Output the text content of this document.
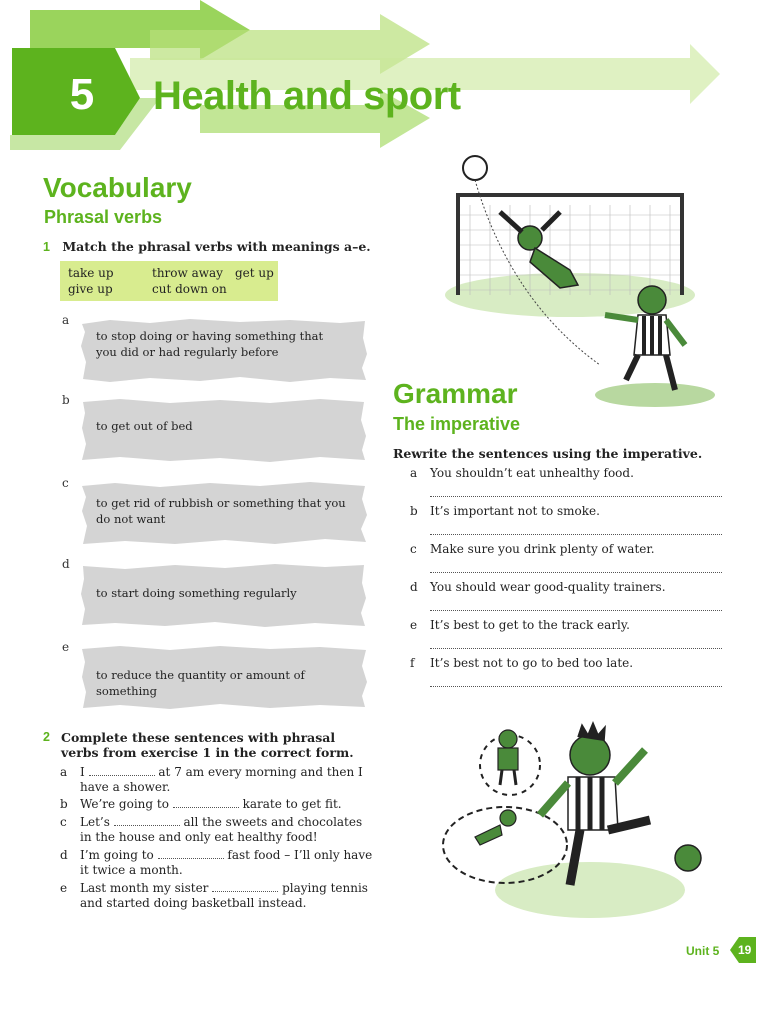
5	Health and sport
Vocabulary
Phrasal verbs
1 Match the phrasal verbs with meanings a–e.
take up	throw away get up
give up	cut down on
a
to stop doing or having something that you did or had regularly before
b
to get out of bed
c
to get rid of rubbish or something that you do not want
d
to start doing something regularly
e
to reduce the quantity or amount of something
2 Complete these sentences with phrasal verbs from exercise 1 in the correct form.
a I	at 7 am every morning and then I have a shower.
b We’re going to	karate to get fit.
c Let’s	all the sweets and chocolates in the house and only eat healthy food!
d I’m going to	fast food – I’ll only have it twice a month.
e Last month my sister	playing tennis and started doing basketball instead.
Grammar
The imperative
Rewrite the sentences using the imperative.
a	You shouldn’t eat unhealthy food.
b	It’s important not to smoke.
c	Make sure you drink plenty of water.
d	You should wear good-quality trainers.
e	It’s best to get to the track early.
f	It’s best not to go to bed too late.
Unit 5 19
